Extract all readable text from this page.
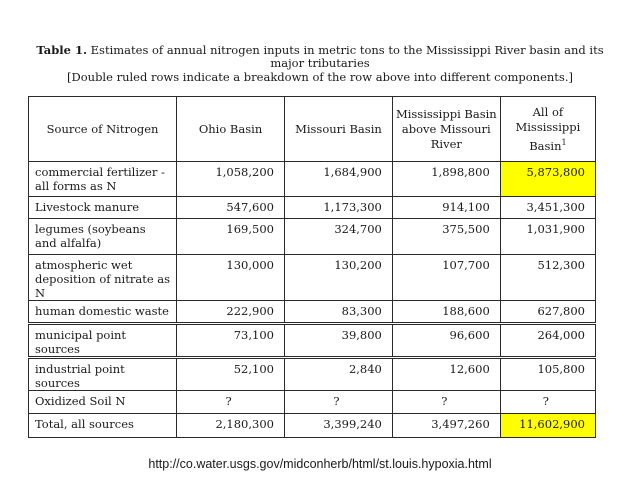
Table 1. Estimates of annual nitrogen inputs in metric tons to the Mississippi River basin and its major tributaries
[Double ruled rows indicate a breakdown of the row above into different components.]
Source of Nitrogen	Ohio Basin	Missouri Basin	Mississippi Basin above Missouri River	All of Mississippi Basin$^1$
commercial fertilizer - all forms as N	1,058,200	1,684,900	1,898,800	5,873,800
Livestock manure	547,600	1,173,300	914,100	3,451,300
legumes (soybeans and alfalfa)	169,500	324,700	375,500	1,031,900
atmospheric wet deposition of nitrate as N	130,000	130,200	107,700	512,300
human domestic waste	222,900	83,300	188,600	627,800
municipal point sources	73,100	39,800	96,600	264,000
industrial point sources	52,100	2,840	12,600	105,800
Oxidized Soil N	?	?	?	?
Total, all sources	2,180,300	3,399,240	3,497,260	11,602,900
http://co.water.usgs.gov/midconherb/html/st.louis.hypoxia.html
